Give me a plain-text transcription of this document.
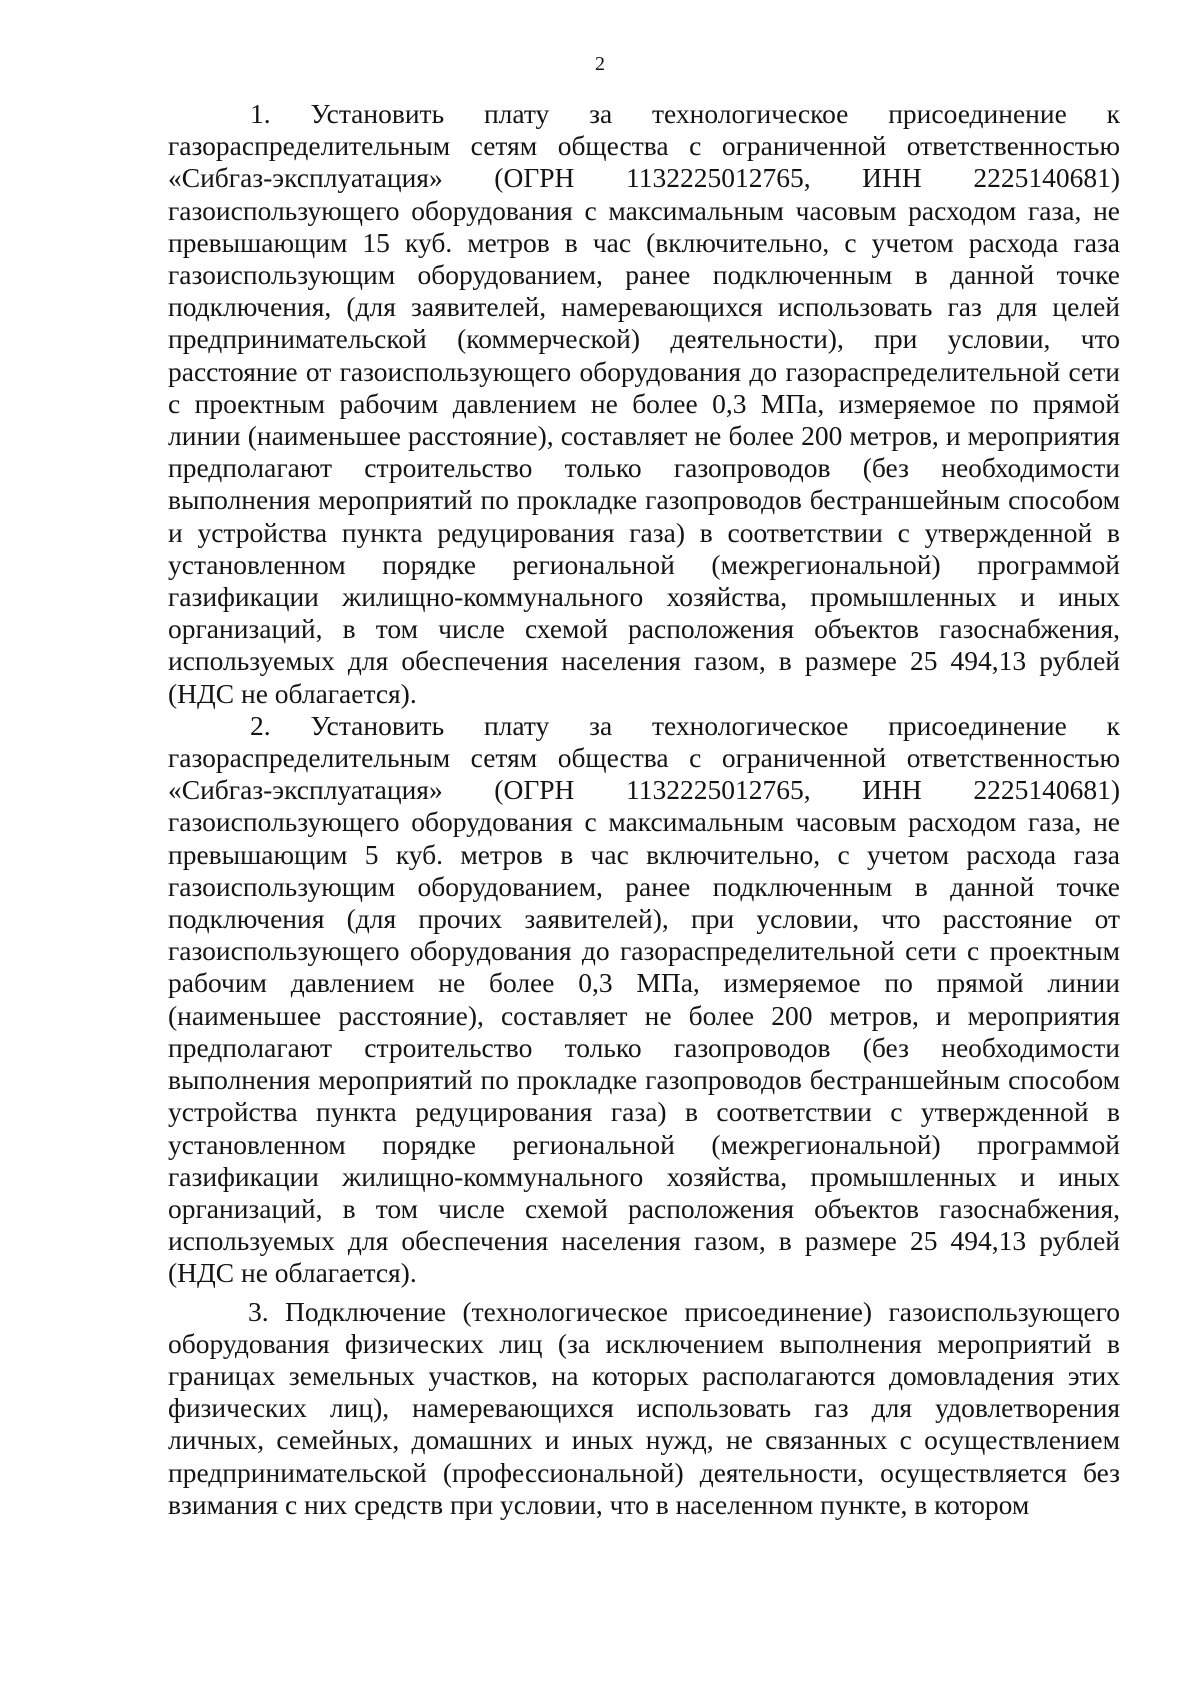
2

1. Установить плату за технологическое присоединение к газораспределительным сетям общества с ограниченной ответственностью «Сибгаз-эксплуатация» (ОГРН 1132225012765, ИНН 2225140681) газоиспользующего оборудования с максимальным часовым расходом газа, не превышающим 15 куб. метров в час (включительно, с учетом расхода газа газоиспользующим оборудованием, ранее подключенным в данной точке подключения, (для заявителей, намеревающихся использовать газ для целей предпринимательской (коммерческой) деятельности), при условии, что расстояние от газоиспользующего оборудования до газораспределительной сети с проектным рабочим давлением не более 0,3 МПа, измеряемое по прямой линии (наименьшее расстояние), составляет не более 200 метров, и мероприятия предполагают строительство только газопроводов (без необходимости выполнения мероприятий по прокладке газопроводов бестраншейным способом и устройства пункта редуцирования газа) в соответствии с утвержденной в установленном порядке региональной (межрегиональной) программой газификации жилищно-коммунального хозяйства, промышленных и иных организаций, в том числе схемой расположения объектов газоснабжения, используемых для обеспечения населения газом, в размере 25 494,13 рублей (НДС не облагается).

2. Установить плату за технологическое присоединение к газораспределительным сетям общества с ограниченной ответственностью «Сибгаз-эксплуатация» (ОГРН 1132225012765, ИНН 2225140681) газоиспользующего оборудования с максимальным часовым расходом газа, не превышающим 5 куб. метров в час включительно, с учетом расхода газа газоиспользующим оборудованием, ранее подключенным в данной точке подключения (для прочих заявителей), при условии, что расстояние от газоиспользующего оборудования до газораспределительной сети с проектным рабочим давлением не более 0,3 МПа, измеряемое по прямой линии (наименьшее расстояние), составляет не более 200 метров, и мероприятия предполагают строительство только газопроводов (без необходимости выполнения мероприятий по прокладке газопроводов бестраншейным способом устройства пункта редуцирования газа) в соответствии с утвержденной в установленном порядке региональной (межрегиональной) программой газификации жилищно-коммунального хозяйства, промышленных и иных организаций, в том числе схемой расположения объектов газоснабжения, используемых для обеспечения населения газом, в размере 25 494,13 рублей (НДС не облагается).

3. Подключение (технологическое присоединение) газоиспользующего оборудования физических лиц (за исключением выполнения мероприятий в границах земельных участков, на которых располагаются домовладения этих физических лиц), намеревающихся использовать газ для удовлетворения личных, семейных, домашних и иных нужд, не связанных с осуществлением предпринимательской (профессиональной) деятельности, осуществляется без взимания с них средств при условии, что в населенном пункте, в котором
